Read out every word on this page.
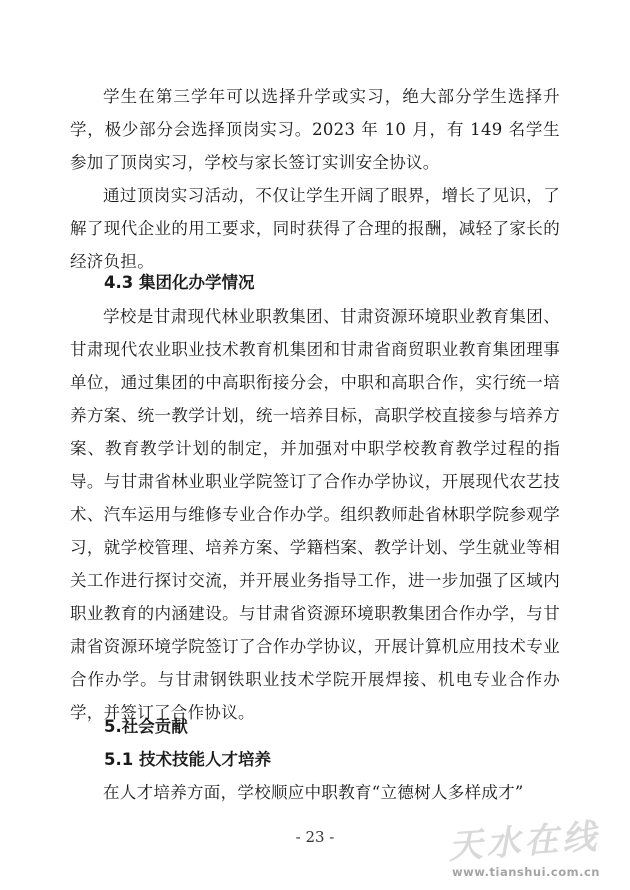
学生在第三学年可以选择升学或实习，绝大部分学生选择升学，极少部分会选择顶岗实习。2023 年 10 月，有 149 名学生参加了顶岗实习，学校与家长签订实训安全协议。

通过顶岗实习活动，不仅让学生开阔了眼界，增长了见识，了解了现代企业的用工要求，同时获得了合理的报酬，减轻了家长的经济负担。

4.3 集团化办学情况

学校是甘肃现代林业职教集团、甘肃资源环境职业教育集团、甘肃现代农业职业技术教育机集团和甘肃省商贸职业教育集团理事单位，通过集团的中高职衔接分会，中职和高职合作，实行统一培养方案、统一教学计划，统一培养目标，高职学校直接参与培养方案、教育教学计划的制定，并加强对中职学校教育教学过程的指导。与甘肃省林业职业学院签订了合作办学协议，开展现代农艺技术、汽车运用与维修专业合作办学。组织教师赴省林职学院参观学习，就学校管理、培养方案、学籍档案、教学计划、学生就业等相关工作进行探讨交流，并开展业务指导工作，进一步加强了区域内职业教育的内涵建设。与甘肃省资源环境职教集团合作办学，与甘肃省资源环境学院签订了合作办学协议，开展计算机应用技术专业合作办学。与甘肃钢铁职业技术学院开展焊接、机电专业合作办学，并签订了合作协议。

5.社会贡献
5.1 技术技能人才培养

在人才培养方面，学校顺应中职教育“立德树人多样成才”

- 23 -	天水在线
www.tianshui.com.cn
